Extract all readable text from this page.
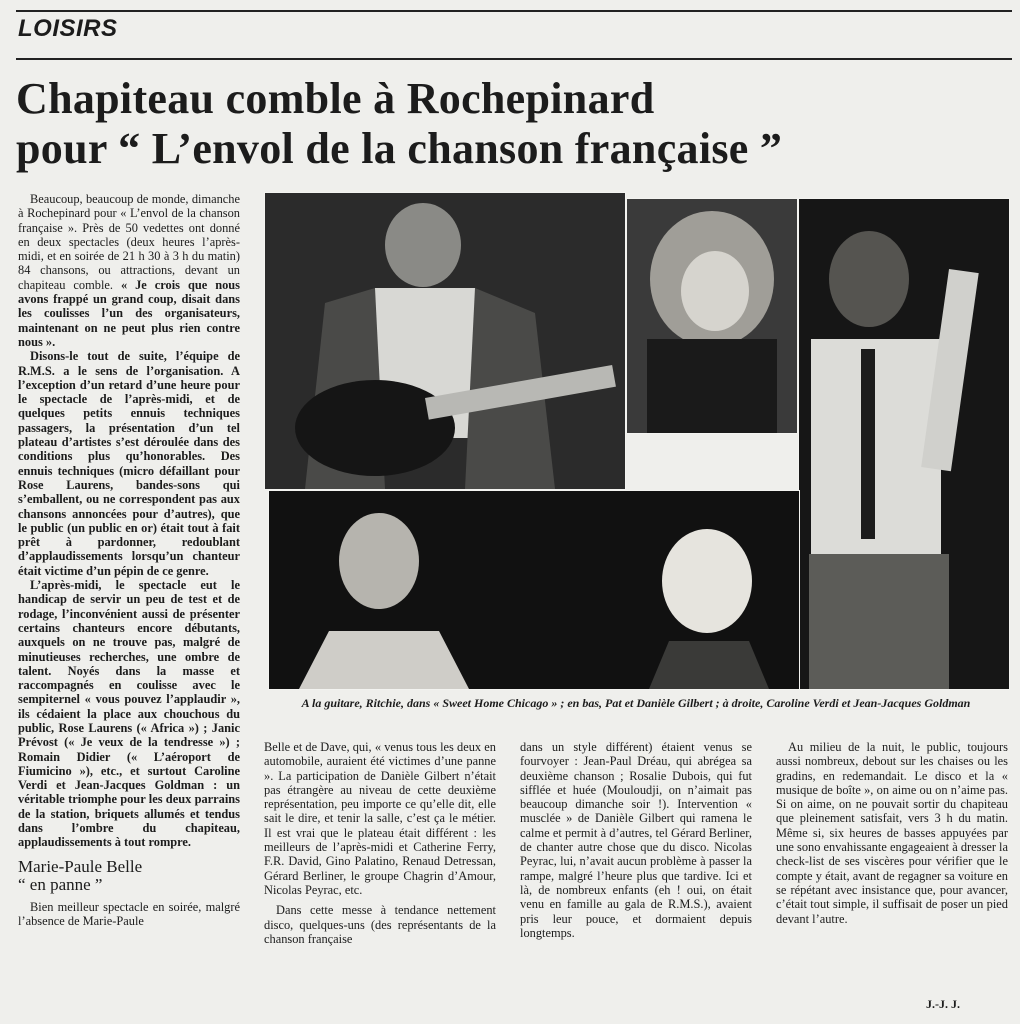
LOISIRS
Chapiteau comble à Rochepinard
pour “ L’envol de la chanson française ”

Beaucoup, beaucoup de monde, dimanche à Rochepinard pour « L’envol de la chanson française ». Près de 50 vedettes ont donné en deux spectacles (deux heures l’après-midi, et en soirée de 21 h 30 à 3 h du matin) 84 chansons, ou attractions, devant un chapiteau comble. « Je crois que nous avons frappé un grand coup, disait dans les coulisses l’un des organisateurs, maintenant on ne peut plus rien contre nous ».

Disons-le tout de suite, l’équipe de R.M.S. a le sens de l’organisation. A l’exception d’un retard d’une heure pour le spectacle de l’après-midi, et de quelques petits ennuis techniques passagers, la présentation d’un tel plateau d’artistes s’est déroulée dans des conditions plus qu’honorables. Des ennuis techniques (micro défaillant pour Rose Laurens, bandes-sons qui s’emballent, ou ne correspondent pas aux chansons annoncées pour d’autres), que le public (un public en or) était tout à fait prêt à pardonner, redoublant d’applaudissements lorsqu’un chanteur était victime d’un pépin de ce genre.

L’après-midi, le spectacle eut le handicap de servir un peu de test et de rodage, l’inconvénient aussi de présenter certains chanteurs encore débutants, auxquels on ne trouve pas, malgré de minutieuses recherches, une ombre de talent. Noyés dans la masse et raccompagnés en coulisse avec le sempiternel « vous pouvez l’applaudir », ils cédaient la place aux chouchous du public, Rose Laurens (« Africa ») ; Janic Prévost (« Je veux de la tendresse ») ; Romain Didier (« L’aéroport de Fiumicino »), etc., et surtout Caroline Verdi et Jean-Jacques Goldman : un véritable triomphe pour les deux parrains de la station, briquets allumés et tendus dans l’ombre du chapiteau, applaudissements à tout rompre.

Marie-Paule Belle
“ en panne ”

Bien meilleur spectacle en soirée, malgré l’absence de Marie-Paule

A la guitare, Ritchie, dans « Sweet Home Chicago » ; en bas, Pat et Danièle Gilbert ; à droite, Caroline Verdi et Jean-Jacques Goldman

Belle et de Dave, qui, « venus tous les deux en automobile, auraient été victimes d’une panne ». La participation de Danièle Gilbert n’était pas étrangère au niveau de cette deuxième représentation, peu importe ce qu’elle dit, elle sait le dire, et tenir la salle, c’est ça le métier. Il est vrai que le plateau était différent : les meilleurs de l’après-midi et Catherine Ferry, F.R. David, Gino Palatino, Renaud Detressan, Gérard Berliner, le groupe Chagrin d’Amour, Nicolas Peyrac, etc.

Dans cette messe à tendance nettement disco, quelques-uns (des représentants de la chanson française

dans un style différent) étaient venus se fourvoyer : Jean-Paul Dréau, qui abrégea sa deuxième chanson ; Rosalie Dubois, qui fut sifflée et huée (Mouloudji, on n’aimait pas beaucoup dimanche soir !). Intervention « musclée » de Danièle Gilbert qui ramena le calme et permit à d’autres, tel Gérard Berliner, de chanter autre chose que du disco. Nicolas Peyrac, lui, n’avait aucun problème à passer la rampe, malgré l’heure plus que tardive. Ici et là, de nombreux enfants (eh ! oui, on était venu en famille au gala de R.M.S.), avaient pris leur pouce, et dormaient depuis longtemps.

Au milieu de la nuit, le public, toujours aussi nombreux, debout sur les chaises ou les gradins, en redemandait. Le disco et la « musique de boîte », on aime ou on n’aime pas. Si on aime, on ne pouvait sortir du chapiteau que pleinement satisfait, vers 3 h du matin. Même si, six heures de basses appuyées par une sono envahissante engageaient à dresser la check-list de ses viscères pour vérifier que le compte y était, avant de regagner sa voiture en se répétant avec insistance que, pour avancer, c’était tout simple, il suffisait de poser un pied devant l’autre.

J.-J. J.
